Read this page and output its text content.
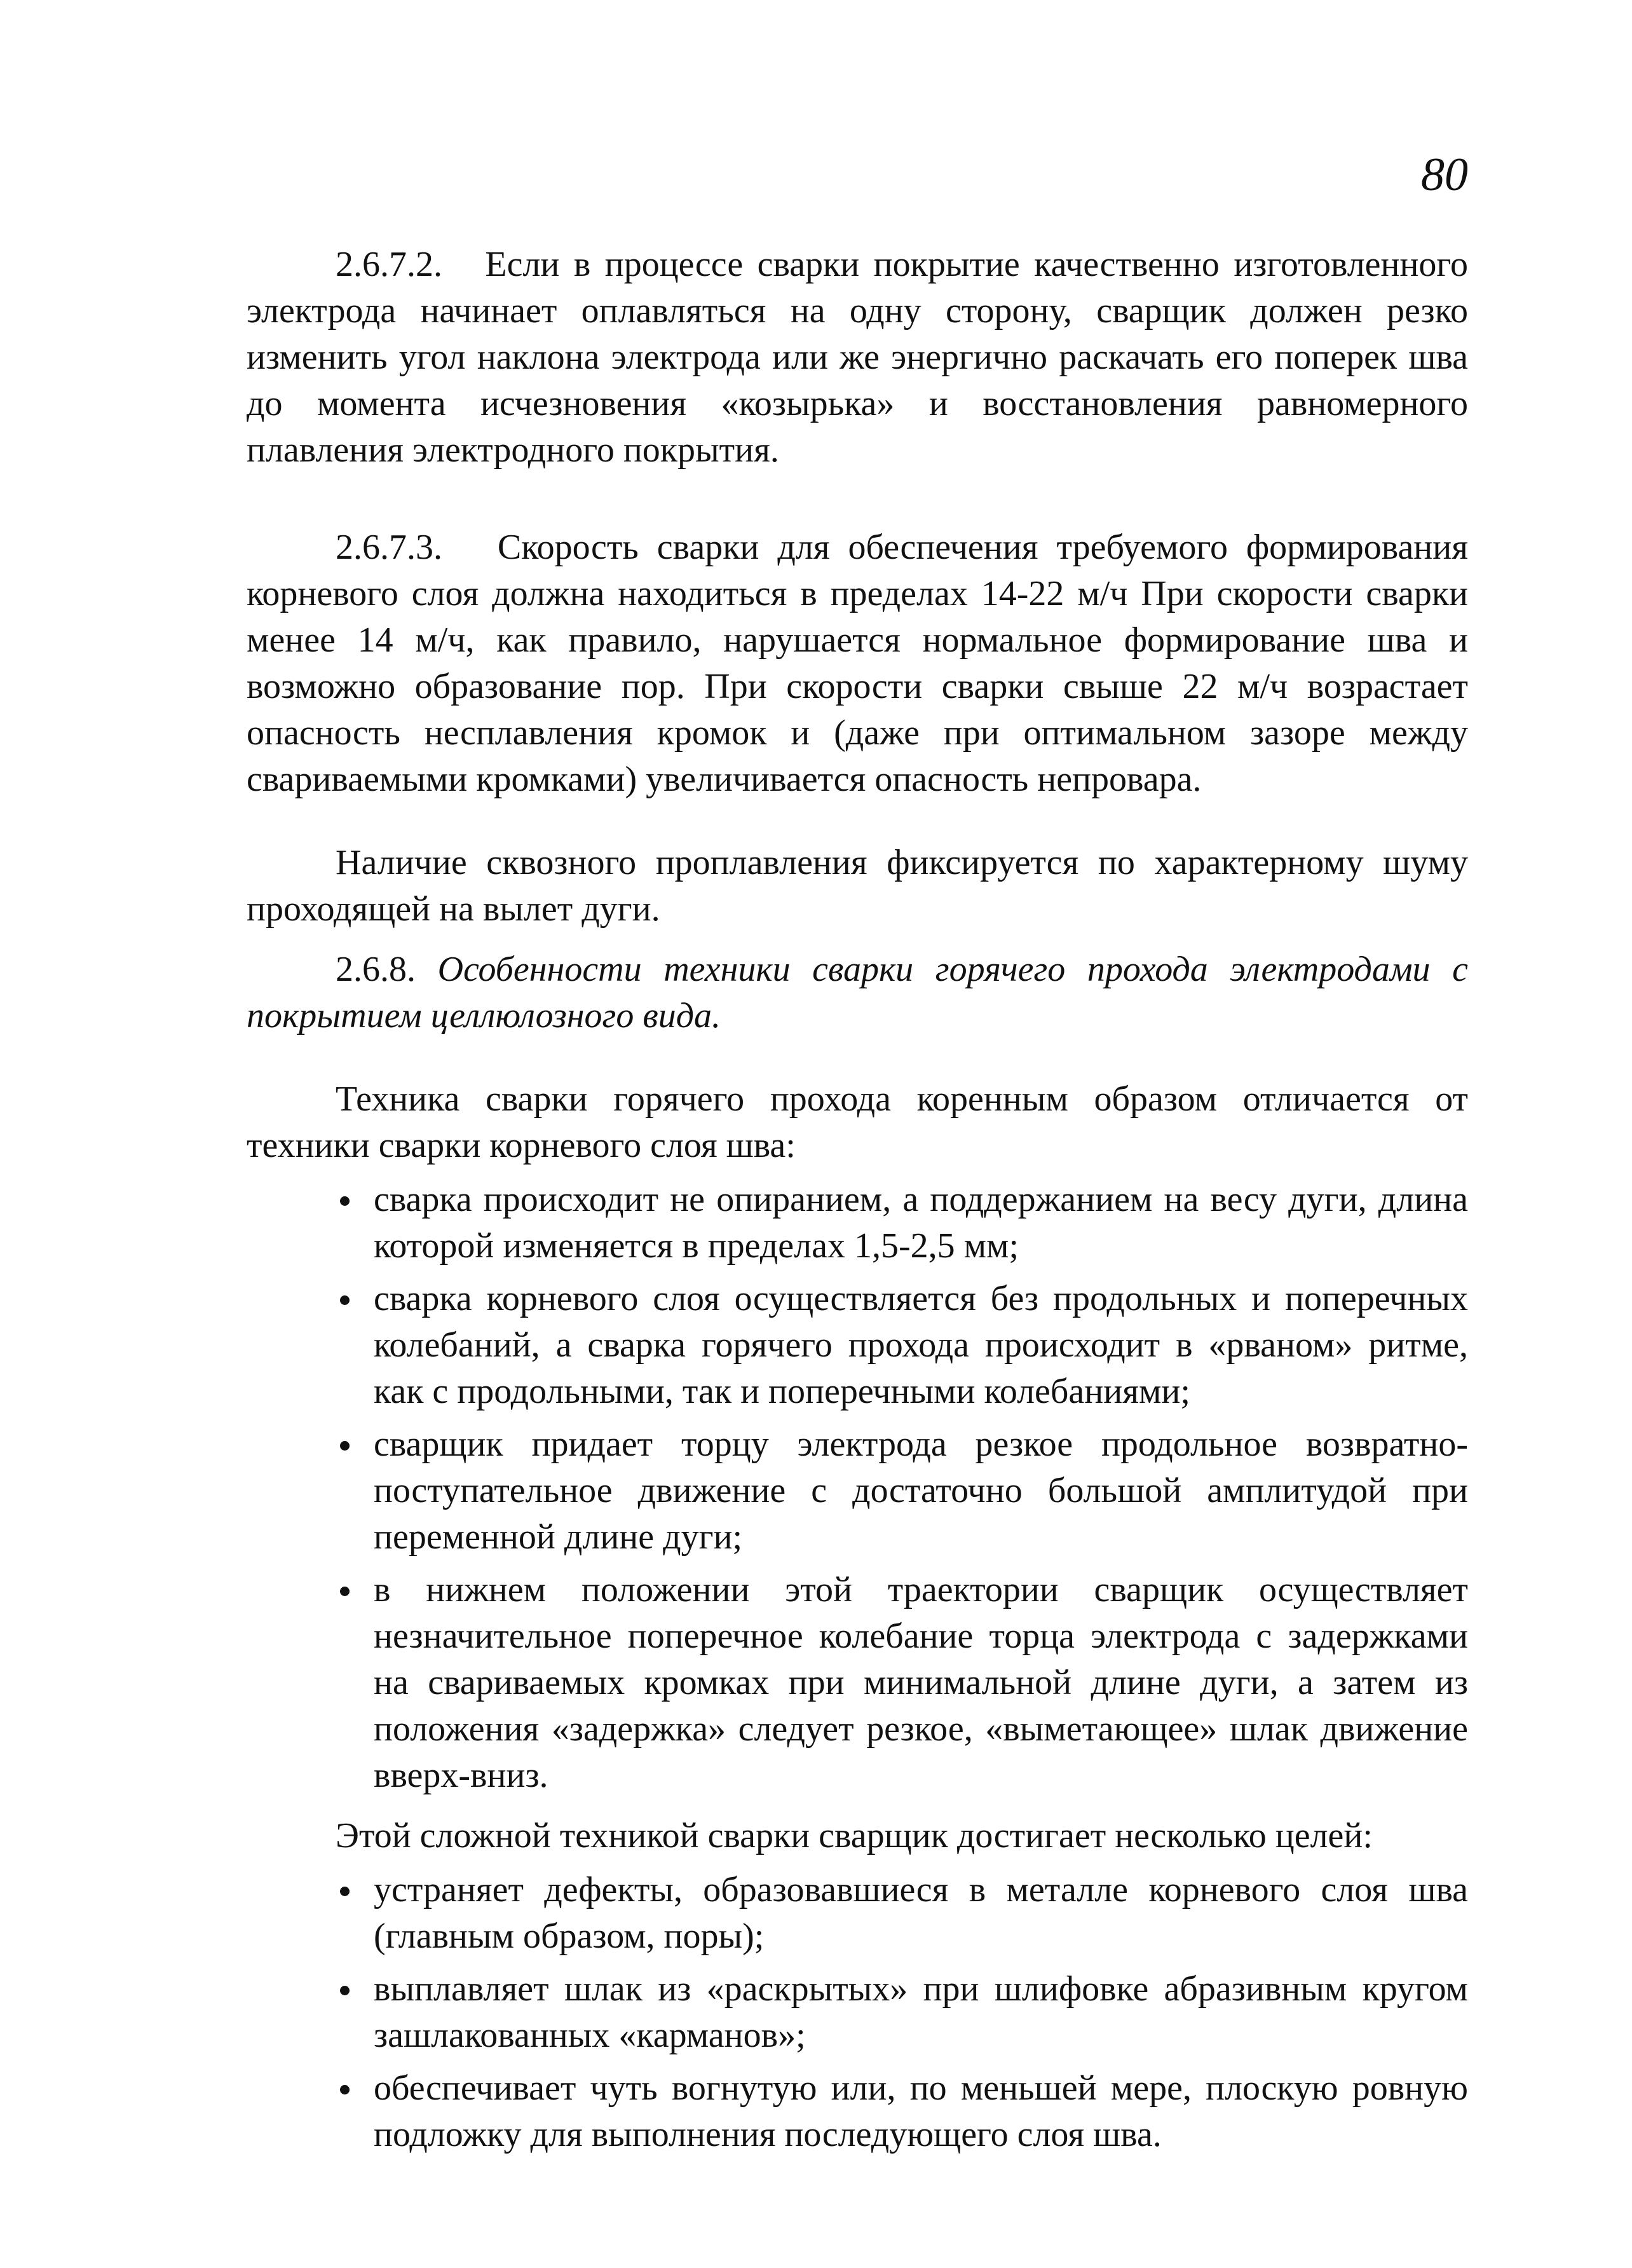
80

2.6.7.2. Если в процессе сварки покрытие качественно изготовленного электрода начинает оплавляться на одну сторону, сварщик должен резко изменить угол наклона электрода или же энергично раскачать его поперек шва до момента исчезновения «козырька» и восстановления равномерного плавления электродного покрытия.

2.6.7.3. Скорость сварки для обеспечения требуемого формирования корневого слоя должна находиться в пределах 14-22 м/ч При скорости сварки менее 14 м/ч, как правило, нарушается нормальное формирование шва и возможно образование пор. При скорости сварки свыше 22 м/ч возрастает опасность несплавления кромок и (даже при оптимальном зазоре между свариваемыми кромками) увеличивается опасность непровара.

Наличие сквозного проплавления фиксируется по характерному шуму проходящей на вылет дуги.

2.6.8. Особенности техники сварки горячего прохода электродами с покрытием целлюлозного вида.

Техника сварки горячего прохода коренным образом отличается от техники сварки корневого слоя шва:

сварка происходит не опиранием, а поддержанием на весу дуги, длина которой изменяется в пределах 1,5-2,5 мм;
сварка корневого слоя осуществляется без продольных и поперечных колебаний, а сварка горячего прохода происходит в «рваном» ритме, как с продольными, так и поперечными колебаниями;
сварщик придает торцу электрода резкое продольное возвратно-поступательное движение с достаточно большой амплитудой при переменной длине дуги;
в нижнем положении этой траектории сварщик осуществляет незначительное поперечное колебание торца электрода с задержками на свариваемых кромках при минимальной длине дуги, а затем из положения «задержка» следует резкое, «выметающее» шлак движение вверх-вниз.

Этой сложной техникой сварки сварщик достигает несколько целей:

устраняет дефекты, образовавшиеся в металле корневого слоя шва (главным образом, поры);
выплавляет шлак из «раскрытых» при шлифовке абразивным кругом зашлакованных «карманов»;
обеспечивает чуть вогнутую или, по меньшей мере, плоскую ровную подложку для выполнения последующего слоя шва.
